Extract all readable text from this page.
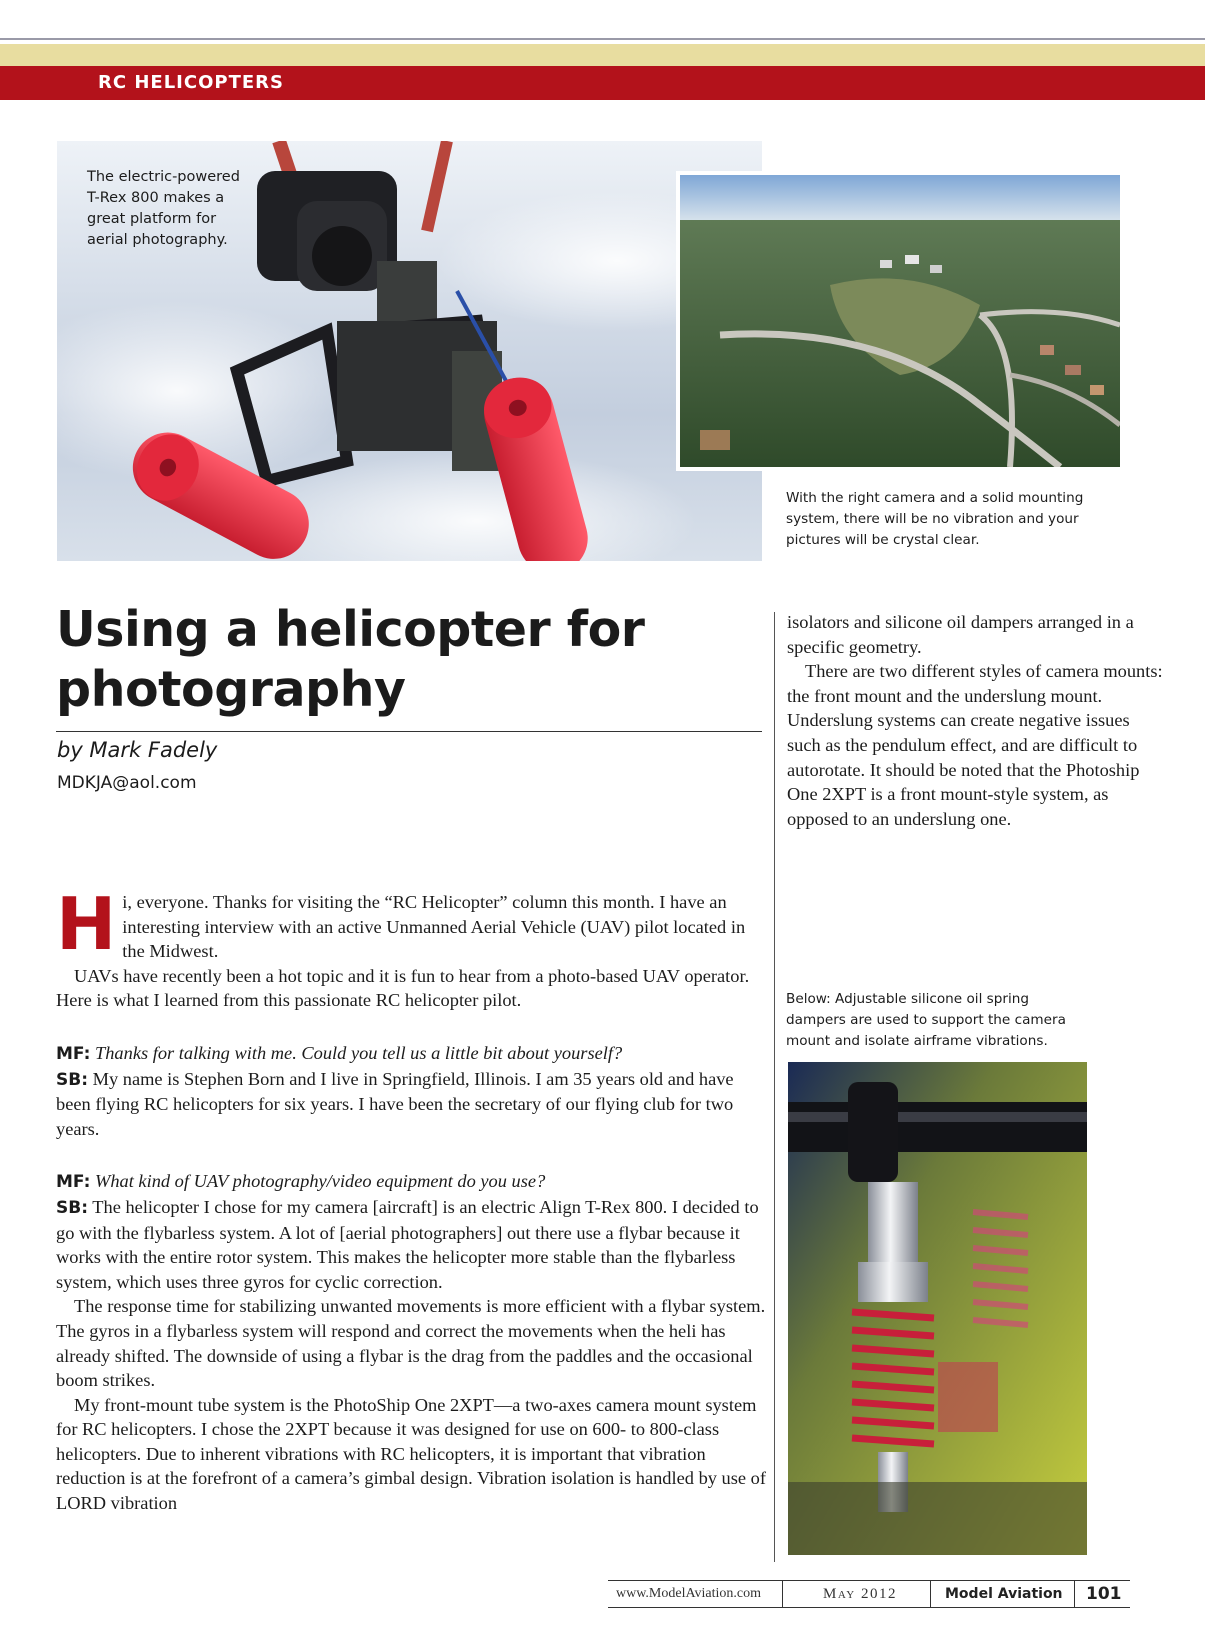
RC HELICOPTERS
The electric-powered
T-Rex 800 makes a
great platform for
aerial photography.
With the right camera and a solid mounting
system, there will be no vibration and your
pictures will be crystal clear.
Using a helicopter for
photography
by Mark Fadely
MDKJA@aol.com

Hi, everyone. Thanks for visiting the “RC Helicopter” column this month. I have an interesting interview with an active Unmanned Aerial Vehicle (UAV) pilot located in the Midwest.

UAVs have recently been a hot topic and it is fun to hear from a photo-based UAV operator. Here is what I learned from this passionate RC helicopter pilot.

MF: Thanks for talking with me. Could you tell us a little bit about yourself?

SB: My name is Stephen Born and I live in Springfield, Illinois. I am 35 years old and have been flying RC helicopters for six years. I have been the secretary of our flying club for two years.

MF: What kind of UAV photography/video equipment do you use?

SB: The helicopter I chose for my camera [aircraft] is an electric Align T-Rex 800. I decided to go with the flybarless system. A lot of [aerial photographers] out there use a flybar because it works with the entire rotor system. This makes the helicopter more stable than the flybarless system, which uses three gyros for cyclic correction.

The response time for stabilizing unwanted movements is more efficient with a flybar system. The gyros in a flybarless system will respond and correct the movements when the heli has already shifted. The downside of using a flybar is the drag from the paddles and the occasional boom strikes.

My front-mount tube system is the PhotoShip One 2XPT—a two-axes camera mount system for RC helicopters. I chose the 2XPT because it was designed for use on 600- to 800-class helicopters. Due to inherent vibrations with RC helicopters, it is important that vibration reduction is at the forefront of a camera’s gimbal design. Vibration isolation is handled by use of LORD vibration

isolators and silicone oil dampers arranged in a specific geometry.

There are two different styles of camera mounts: the front mount and the underslung mount. Underslung systems can create negative issues such as the pendulum effect, and are difficult to autorotate. It should be noted that the Photoship One 2XPT is a front mount-style system, as opposed to an underslung one.

Below: Adjustable silicone oil spring
dampers are used to support the camera
mount and isolate airframe vibrations.
www.ModelAviation.com	May 2012	Model Aviation 101
